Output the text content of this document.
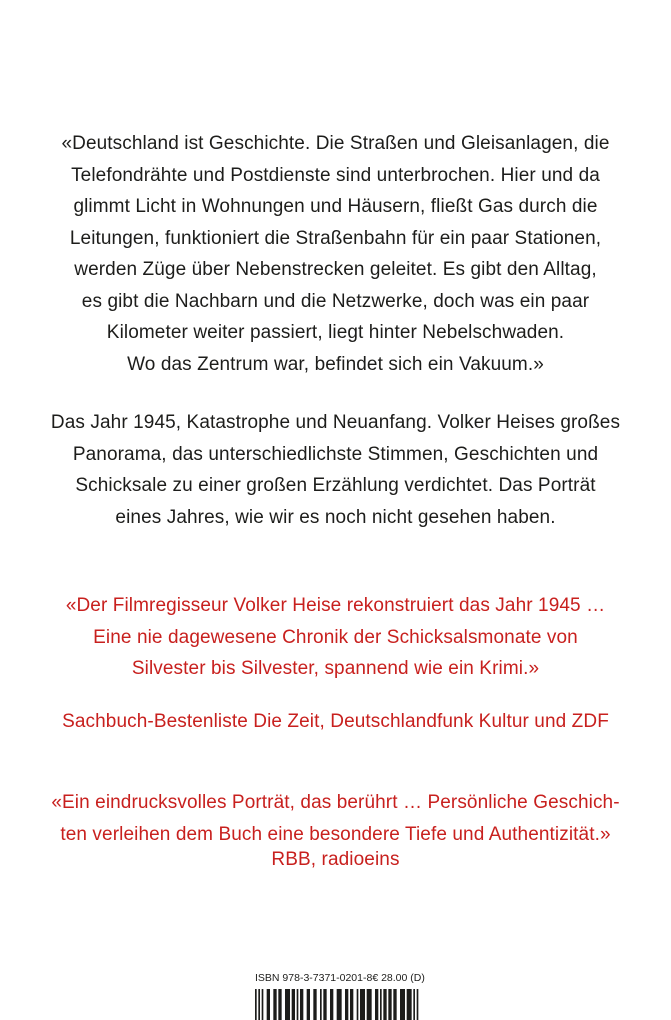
«Deutschland ist Geschichte. Die Straßen und Gleisanlagen, die
Telefondrähte und Postdienste sind unterbrochen. Hier und da
glimmt Licht in Wohnungen und Häusern, fließt Gas durch die
Leitungen, funktioniert die Straßenbahn für ein paar Stationen,
werden Züge über Nebenstrecken geleitet. Es gibt den Alltag,
es gibt die Nachbarn und die Netzwerke, doch was ein paar
Kilometer weiter passiert, liegt hinter Nebelschwaden.
Wo das Zentrum war, befindet sich ein Vakuum.»
Das Jahr 1945, Katastrophe und Neuanfang. Volker Heises großes
Panorama, das unterschiedlichste Stimmen, Geschichten und
Schicksale zu einer großen Erzählung verdichtet. Das Porträt
eines Jahres, wie wir es noch nicht gesehen haben.
«Der Filmregisseur Volker Heise rekonstruiert das Jahr 1945 …
Eine nie dagewesene Chronik der Schicksalsmonate von
Silvester bis Silvester, spannend wie ein Krimi.»
Sachbuch-Bestenliste Die Zeit, Deutschlandfunk Kultur und ZDF
«Ein eindrucksvolles Porträt, das berührt … Persönliche Geschich-
ten verleihen dem Buch eine besondere Tiefe und Authentizität.»
RBB, radioeins
ISBN 978-3-7371-0201-8 € 28.00 (D)
